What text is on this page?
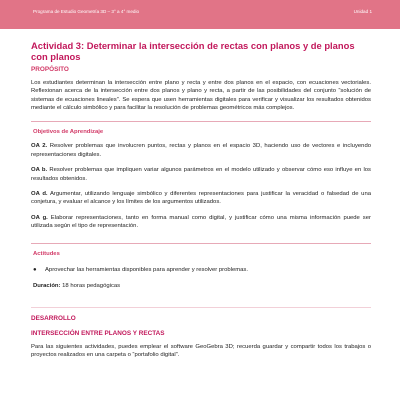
Programa de Estudio Geometría 3D – 3° a 4° medio	Unidad 1
Actividad 3: Determinar la intersección de rectas con planos y de planos con planos
PROPÓSITO

Los estudiantes determinan la intersección entre plano y recta y entre dos planos en el espacio, con ecuaciones vectoriales. Reflexionan acerca de la intersección entre dos planos y plano y recta, a partir de las posibilidades del conjunto “solución de sistemas de ecuaciones lineales”. Se espera que usen herramientas digitales para verificar y visualizar los resultados obtenidos mediante el cálculo simbólico y para facilitar la resolución de problemas geométricos más complejos.

Objetivos de Aprendizaje

OA 2. Resolver problemas que involucren puntos, rectas y planos en el espacio 3D, haciendo uso de vectores e incluyendo representaciones digitales.

OA b. Resolver problemas que impliquen variar algunos parámetros en el modelo utilizado y observar cómo eso influye en los resultados obtenidos.

OA d. Argumentar, utilizando lenguaje simbólico y diferentes representaciones para justificar la veracidad o falsedad de una conjetura, y evaluar el alcance y los límites de los argumentos utilizados.

OA g. Elaborar representaciones, tanto en forma manual como digital, y justificar cómo una misma información puede ser utilizada según el tipo de representación.

Actitudes
●	Aprovechar las herramientas disponibles para aprender y resolver problemas.
Duración: 18 horas pedagógicas
DESARROLLO
INTERSECCIÓN ENTRE PLANOS Y RECTAS

Para las siguientes actividades, puedes emplear el software GeoGebra 3D; recuerda guardar y compartir todos los trabajos o proyectos realizados en una carpeta o “portafolio digital”.
